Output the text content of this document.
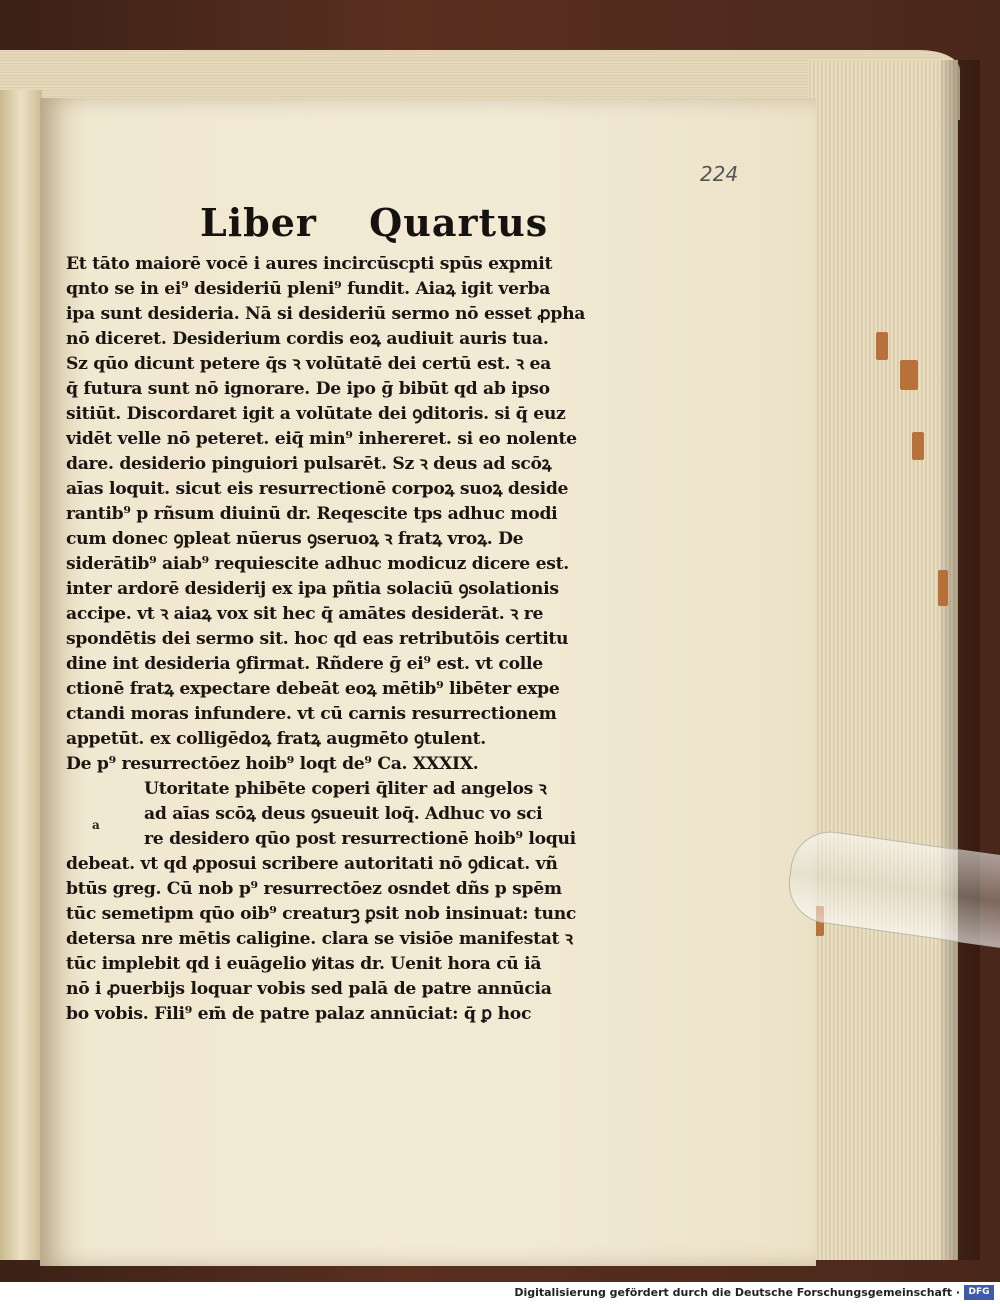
224
Liber Quartus
Et tāto maiorē vocē i aures incircūscpti spūs expmit
qnto se in ei⁹ desideriū pleni⁹ fundit. Aiaꝝ igit verba
ipa sunt desideria. Nā si desideriū sermo nō esset ꝓpha
nō diceret. Desiderium cordis eoꝝ audiuit auris tua.
Sz qūo dicunt petere q̄s ꝛ volūtatē dei certū est. ꝛ ea
q̄ futura sunt nō ignorare. De ipo ḡ bibūt qd ab ipso
sitiūt. Discordaret igit a volūtate dei ꝯditoris. si q̄ euz
vidēt velle nō peteret. eiq̄ min⁹ inhereret. si eo nolente
dare. desiderio pinguiori pulsarēt. Sz ꝛ deus ad scōꝝ
aīas loquit. sicut eis resurrectionē corpoꝝ suoꝝ deside
rantib⁹ p rñsum diuinū dr. Reqescite tps adhuc modi
cum donec ꝯpleat nūerus ꝯseruoꝝ ꝛ fratꝝ vroꝝ. De
siderātib⁹ aiab⁹ requiescite adhuc modicuz dicere est.
inter ardorē desiderij ex ipa pñtia solaciū ꝯsolationis
accipe. vt ꝛ aiaꝝ vox sit hec q̄ amātes desiderāt. ꝛ re
spondētis dei sermo sit. hoc qd eas retributōis certitu
dine int desideria ꝯfirmat. Rñdere ḡ ei⁹ est. vt colle
ctionē fratꝝ expectare debeāt eoꝝ mētib⁹ libēter expe
ctandi moras infundere. vt cū carnis resurrectionem
appetūt. ex colligēdoꝝ fratꝝ augmēto ꝯtulent.
De p⁹ resurrectōez hoib⁹ loqt de⁹ Ca. XXXIX.
Utoritate phibēte coperi q̄liter ad angelos ꝛ
ad aīas scōꝝ deus ꝯsueuit loq̄. Adhuc vo sci
re desidero qūo post resurrectionē hoib⁹ loqui
debeat. vt qd ꝓposui scribere autoritati nō ꝯdicat. vñ
btūs greg. Cū nob p⁹ resurrectōez osndet dñs p spēm
tūc semetipm qūo oib⁹ creaturꝫ ꝑsit nob insinuat: tunc
detersa nre mētis caligine. clara se visiōe manifestat ꝛ
tūc implebit qd i euāgelio ꝟitas dr. Uenit hora cū iā
nō i ꝓuerbijs loquar vobis sed palā de patre annūcia
bo vobis. Fili⁹ em̄ de patre palaz annūciat: q̄ ꝑ hoc
a
Digitalisierung gefördert durch die Deutsche Forschungsgemeinschaft · DFG
